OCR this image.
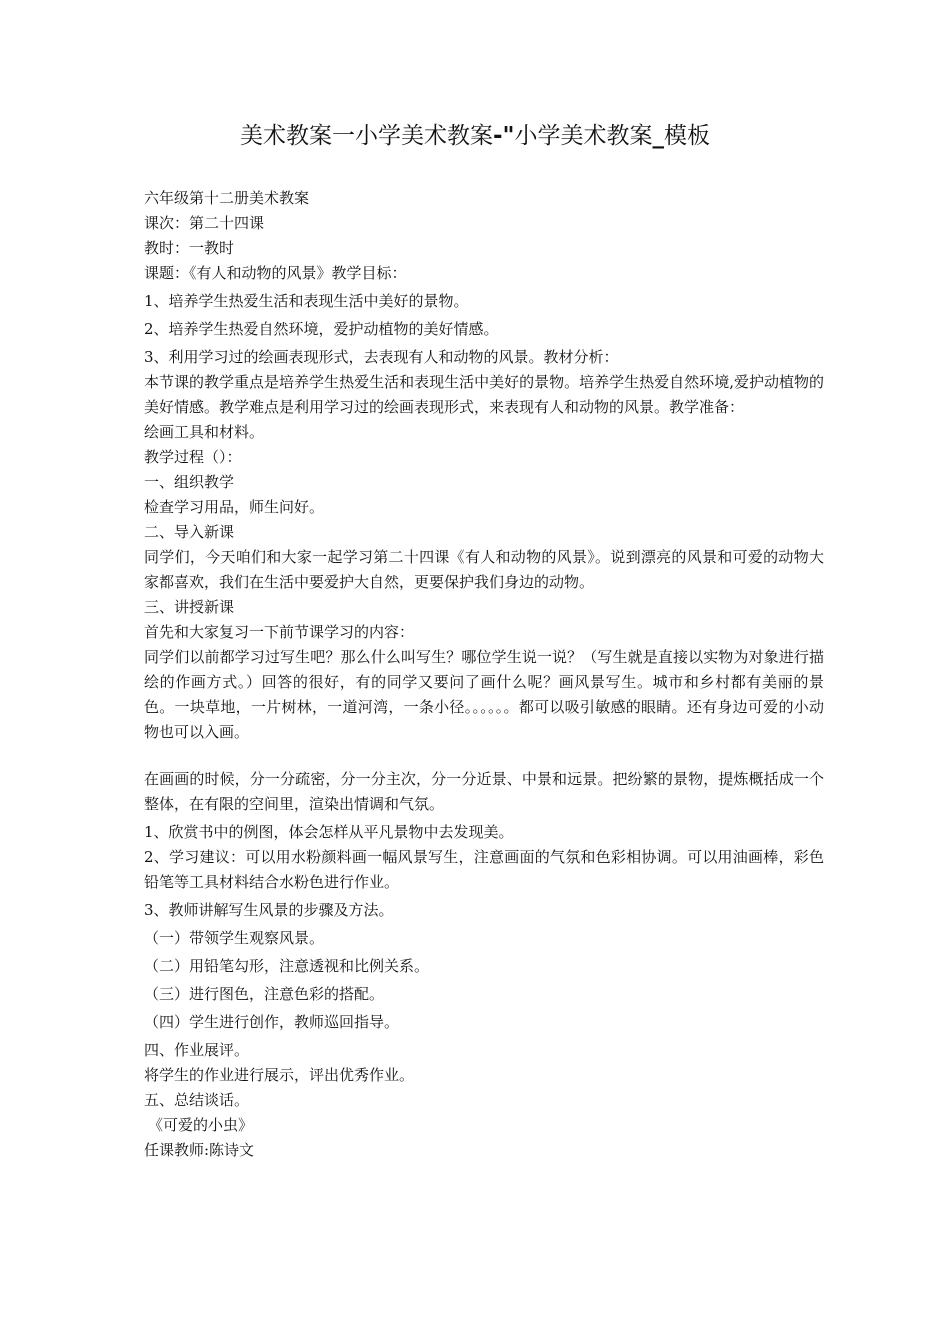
美术教案一小学美术教案-"小学美术教案_模板

六年级第十二册美术教案

课次：第二十四课

教时：一教时

课题：《有人和动物的风景》教学目标：

1、培养学生热爱生活和表现生活中美好的景物。

2、培养学生热爱自然环境，爱护动植物的美好情感。

3、利用学习过的绘画表现形式，去表现有人和动物的风景。教材分析：

本节课的教学重点是培养学生热爱生活和表现生活中美好的景物。培养学生热爱自然环境,爱护动植物的美好情感。教学难点是利用学习过的绘画表现形式，来表现有人和动物的风景。教学准备：

绘画工具和材料。

教学过程（）：

一、组织教学

检查学习用品，师生问好。

二、导入新课

同学们，今天咱们和大家一起学习第二十四课《有人和动物的风景》。说到漂亮的风景和可爱的动物大家都喜欢，我们在生活中要爱护大自然，更要保护我们身边的动物。

三、讲授新课

首先和大家复习一下前节课学习的内容：

同学们以前都学习过写生吧？那么什么叫写生？哪位学生说一说？（写生就是直接以实物为对象进行描绘的作画方式。）回答的很好，有的同学又要问了画什么呢？画风景写生。城市和乡村都有美丽的景色。一块草地，一片树林，一道河湾，一条小径。。。。。。都可以吸引敏感的眼睛。还有身边可爱的小动物也可以入画。

在画画的时候，分一分疏密，分一分主次，分一分近景、中景和远景。把纷繁的景物，提炼概括成一个整体，在有限的空间里，渲染出情调和气氛。

1、欣赏书中的例图，体会怎样从平凡景物中去发现美。

2、学习建议：可以用水粉颜料画一幅风景写生，注意画面的气氛和色彩相协调。可以用油画棒，彩色铅笔等工具材料结合水粉色进行作业。

3、教师讲解写生风景的步骤及方法。

（一）带领学生观察风景。

（二）用铅笔勾形，注意透视和比例关系。

（三）进行图色，注意色彩的搭配。

（四）学生进行创作，教师巡回指导。

四、作业展评。

将学生的作业进行展示，评出优秀作业。

五、总结谈话。

《可爱的小虫》

任课教师:陈诗文
